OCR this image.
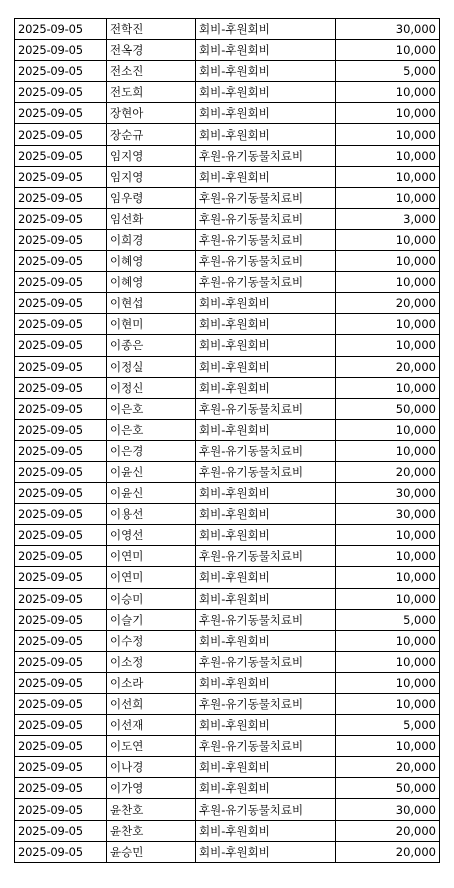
2025-09-05	전학진	회비-후원회비	30,000
2025-09-05	전옥경	회비-후원회비	10,000
2025-09-05	전소진	회비-후원회비	5,000
2025-09-05	전도희	회비-후원회비	10,000
2025-09-05	장현아	회비-후원회비	10,000
2025-09-05	장순규	회비-후원회비	10,000
2025-09-05	임지영	후원-유기동물치료비	10,000
2025-09-05	임지영	회비-후원회비	10,000
2025-09-05	임우령	후원-유기동물치료비	10,000
2025-09-05	임선화	후원-유기동물치료비	3,000
2025-09-05	이희경	후원-유기동물치료비	10,000
2025-09-05	이혜영	후원-유기동물치료비	10,000
2025-09-05	이혜영	후원-유기동물치료비	10,000
2025-09-05	이현섭	회비-후원회비	20,000
2025-09-05	이현미	회비-후원회비	10,000
2025-09-05	이종은	회비-후원회비	10,000
2025-09-05	이정실	회비-후원회비	20,000
2025-09-05	이정신	회비-후원회비	10,000
2025-09-05	이은호	후원-유기동물치료비	50,000
2025-09-05	이은호	회비-후원회비	10,000
2025-09-05	이은경	후원-유기동물치료비	10,000
2025-09-05	이윤신	후원-유기동물치료비	20,000
2025-09-05	이윤신	회비-후원회비	30,000
2025-09-05	이용선	회비-후원회비	30,000
2025-09-05	이영선	회비-후원회비	10,000
2025-09-05	이연미	후원-유기동물치료비	10,000
2025-09-05	이연미	회비-후원회비	10,000
2025-09-05	이승미	회비-후원회비	10,000
2025-09-05	이슬기	후원-유기동물치료비	5,000
2025-09-05	이수정	회비-후원회비	10,000
2025-09-05	이소정	후원-유기동물치료비	10,000
2025-09-05	이소라	회비-후원회비	10,000
2025-09-05	이선희	후원-유기동물치료비	10,000
2025-09-05	이선재	회비-후원회비	5,000
2025-09-05	이도연	후원-유기동물치료비	10,000
2025-09-05	이나경	회비-후원회비	20,000
2025-09-05	이가영	회비-후원회비	50,000
2025-09-05	윤찬호	후원-유기동물치료비	30,000
2025-09-05	윤찬호	회비-후원회비	20,000
2025-09-05	윤승민	회비-후원회비	20,000
